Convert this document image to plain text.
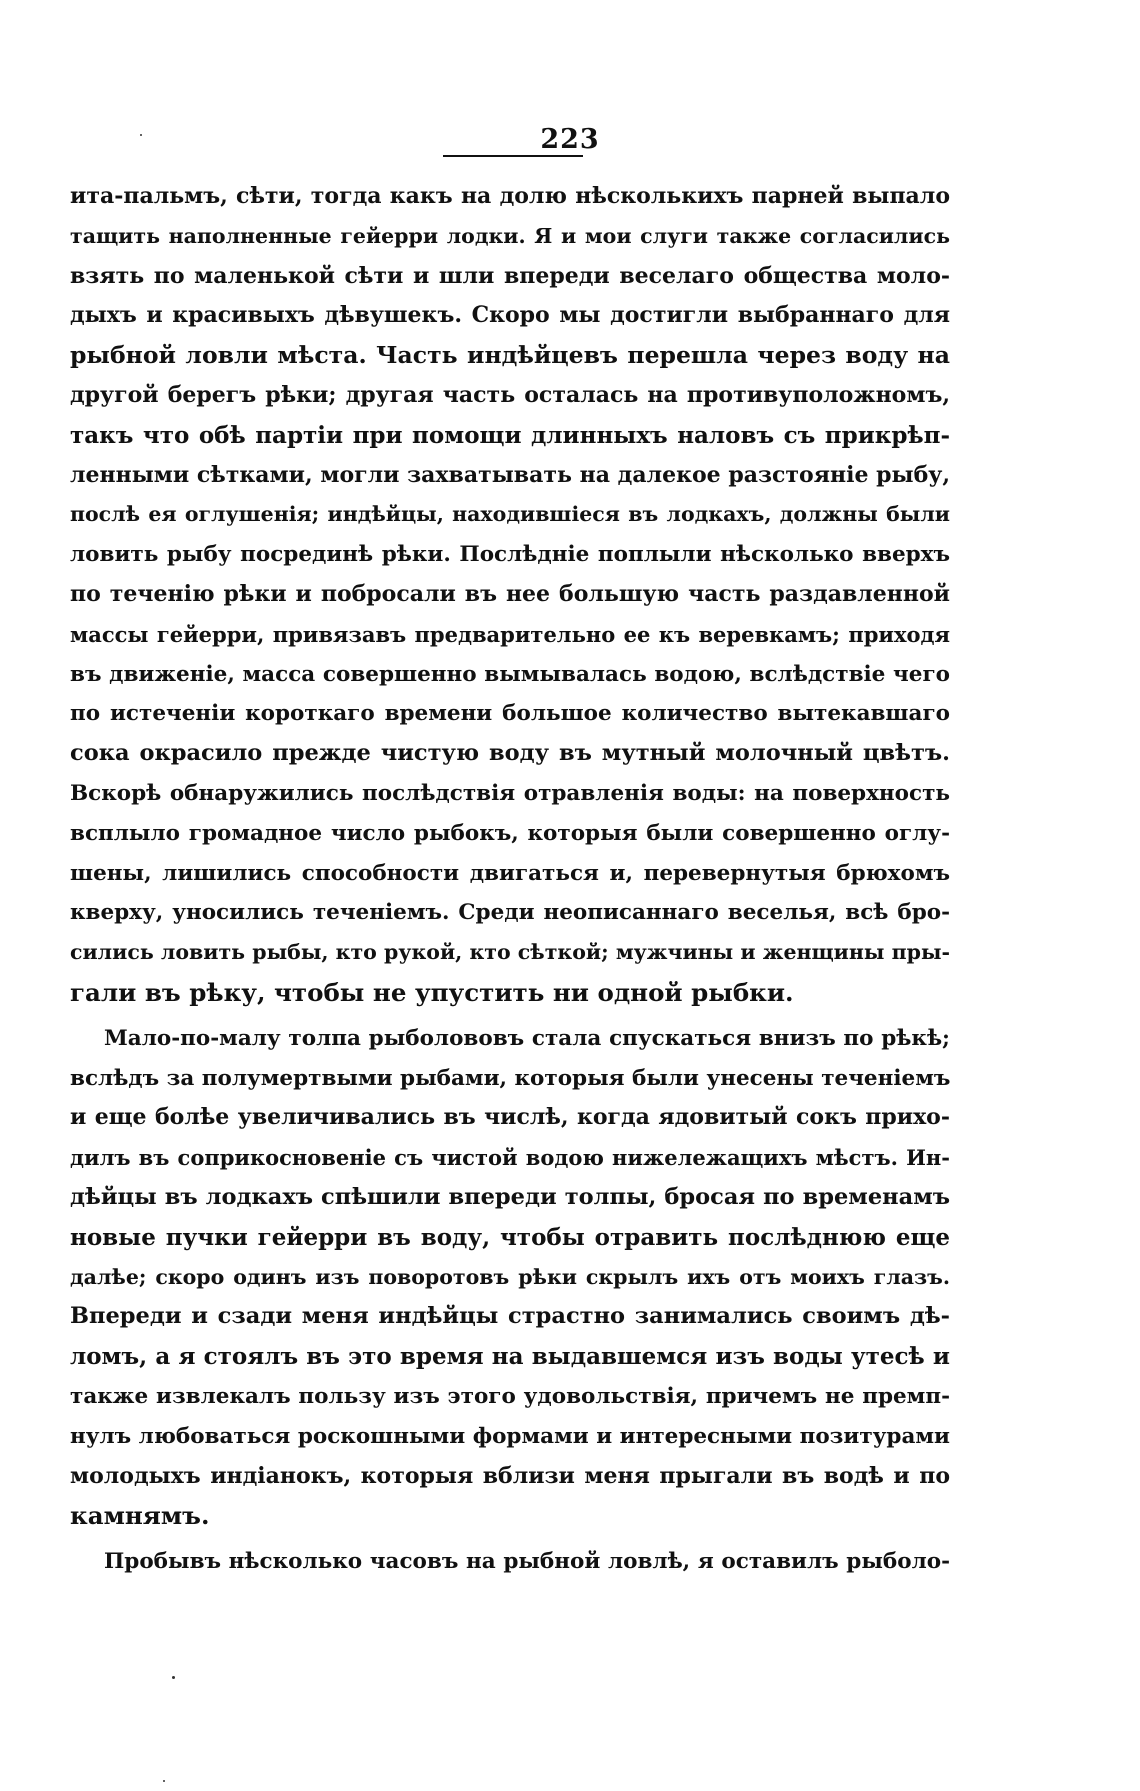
223
ита-пальмъ, сѣти, тогда какъ на долю нѣсколькихъ парней выпало
тащить наполненные гейерри лодки. Я и мои слуги также согласились
взять по маленькой сѣти и шли впереди веселаго общества моло-
дыхъ и красивыхъ дѣвушекъ. Скоро мы достигли выбраннаго для
рыбной ловли мѣста. Часть индѣйцевъ перешла через воду на
другой берегъ рѣки; другая часть осталась на противуположномъ,
такъ что обѣ партіи при помощи длинныхъ наловъ съ прикрѣп-
ленными сѣтками, могли захватывать на далекое разстояніе рыбу,
послѣ ея оглушенія; индѣйцы, находившіеся въ лодкахъ, должны были
ловить рыбу посрединѣ рѣки. Послѣдніе поплыли нѣсколько вверхъ
по теченію рѣки и побросали въ нее большую часть раздавленной
массы гейерри, привязавъ предварительно ее къ веревкамъ; приходя
въ движеніе, масса совершенно вымывалась водою, вслѣдствіе чего
по истеченіи короткаго времени большое количество вытекавшаго
сока окрасило прежде чистую воду въ мутный молочный цвѣтъ.
Вскорѣ обнаружились послѣдствія отравленія воды: на поверхность
всплыло громадное число рыбокъ, которыя были совершенно оглу-
шены, лишились способности двигаться и, перевернутыя брюхомъ
кверху, уносились теченіемъ. Среди неописаннаго веселья, всѣ бро-
сились ловить рыбы, кто рукой, кто сѣткой; мужчины и женщины пры-
гали въ рѣку, чтобы не упустить ни одной рыбки.
Мало-по-малу толпа рыболововъ стала спускаться внизъ по рѣкѣ;
вслѣдъ за полумертвыми рыбами, которыя были унесены теченіемъ
и еще болѣе увеличивались въ числѣ, когда ядовитый сокъ прихо-
дилъ въ соприкосновеніе съ чистой водою нижележащихъ мѣстъ. Ин-
дѣйцы въ лодкахъ спѣшили впереди толпы, бросая по временамъ
новые пучки гейерри въ воду, чтобы отравить послѣднюю еще
далѣе; скоро одинъ изъ поворотовъ рѣки скрылъ ихъ отъ моихъ глазъ.
Впереди и сзади меня индѣйцы страстно занимались своимъ дѣ-
ломъ, а я стоялъ въ это время на выдавшемся изъ воды утесѣ и
также извлекалъ пользу изъ этого удовольствія, причемъ не премп-
нулъ любоваться роскошными формами и интересными позитурами
молодыхъ индіанокъ, которыя вблизи меня прыгали въ водѣ и по
камнямъ.
Пробывъ нѣсколько часовъ на рыбной ловлѣ, я оставилъ рыболо-
